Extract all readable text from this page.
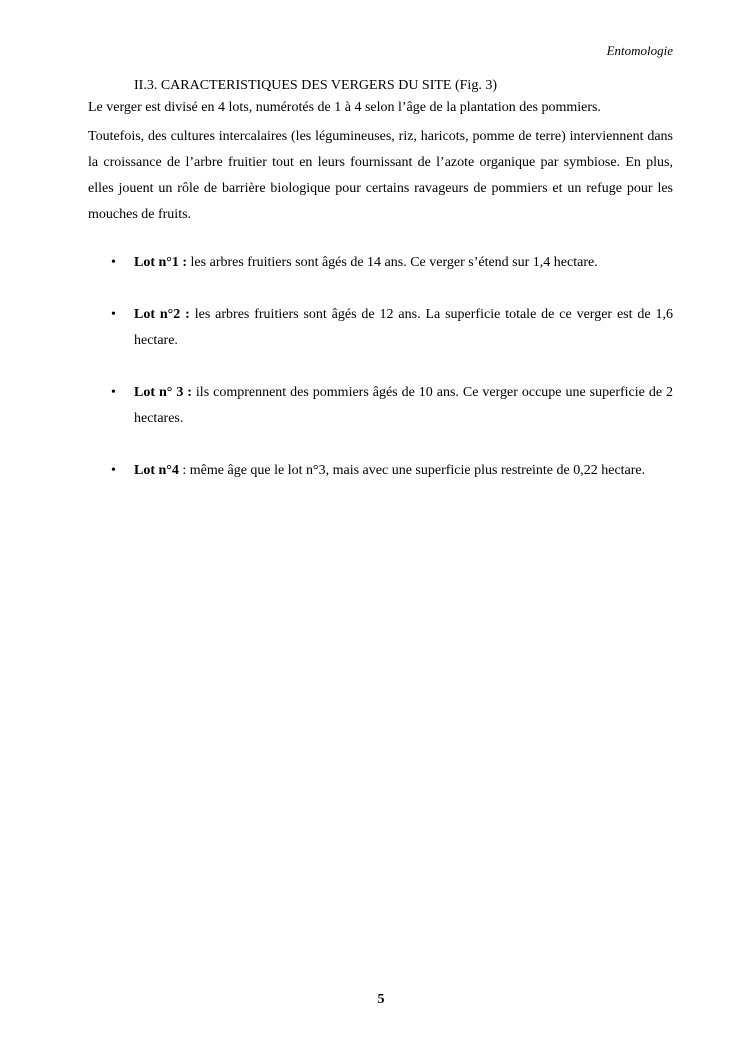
Entomologie
II.3. CARACTERISTIQUES DES VERGERS DU SITE (Fig. 3)

Le verger est divisé en 4 lots, numérotés de 1 à 4 selon l’âge de la plantation des pommiers.

Toutefois, des cultures intercalaires (les légumineuses, riz, haricots, pomme de terre) interviennent dans la croissance de l’arbre fruitier tout en leurs fournissant de l’azote organique par symbiose. En plus, elles jouent un rôle de barrière biologique pour certains ravageurs de pommiers et un refuge pour les mouches de fruits.

• Lot n°1 : les arbres fruitiers sont âgés de 14 ans. Ce verger s’étend sur 1,4 hectare.
• Lot n°2 : les arbres fruitiers sont âgés de 12 ans. La superficie totale de ce verger est de 1,6 hectare.
• Lot n° 3 : ils comprennent des pommiers âgés de 10 ans. Ce verger occupe une superficie de 2 hectares.
• Lot n°4 : même âge que le lot n°3, mais avec une superficie plus restreinte de 0,22 hectare.
5
